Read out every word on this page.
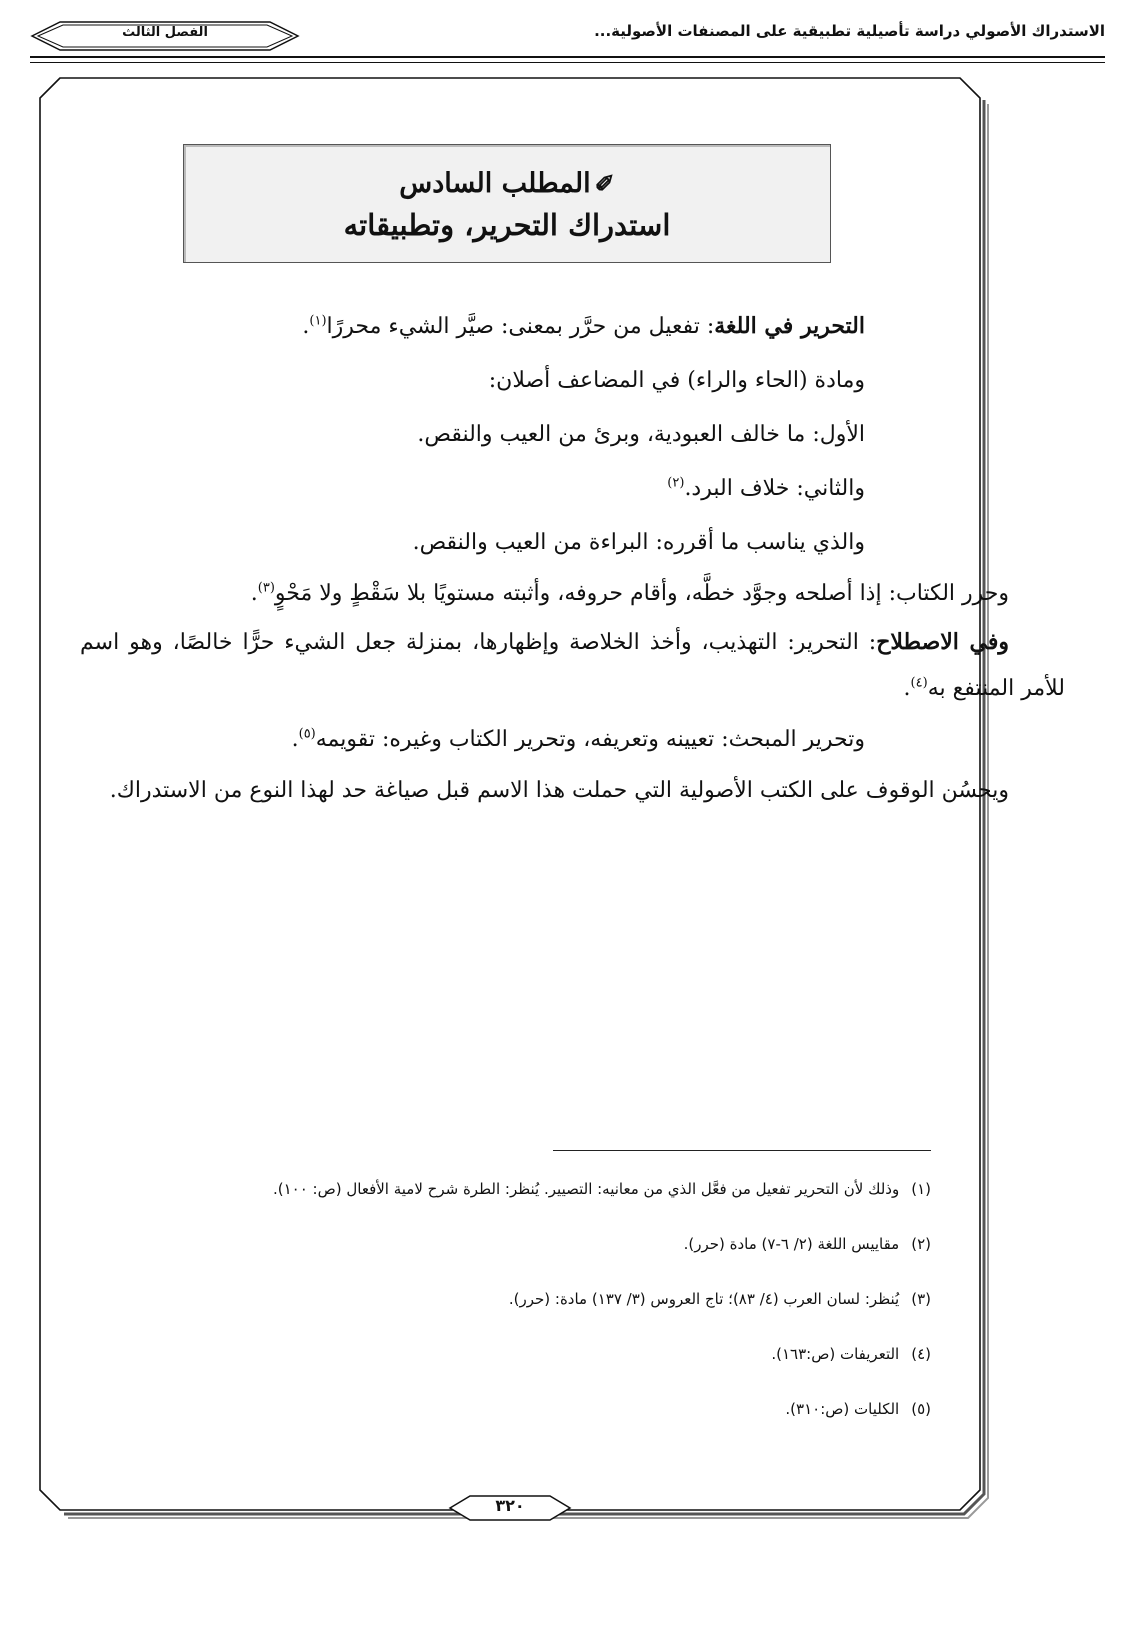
الاستدراك الأصولي دراسة تأصيلية تطبيقية على المصنفات الأصولية...
الفصل الثالث
✐المطلب السادس
استدراك التحرير، وتطبيقاته

التحرير في اللغة: تفعيل من حرَّر بمعنى: صيَّر الشيء محررًا$^{(١)}$.

ومادة (الحاء والراء) في المضاعف أصلان:

الأول: ما خالف العبودية، وبرئ من العيب والنقص.

والثاني: خلاف البرد.$^{(٢)}$

والذي يناسب ما أقرره: البراءة من العيب والنقص.

وحرر الكتاب: إذا أصلحه وجوَّد خطَّه، وأقام حروفه، وأثبته مستويًا بلا سَقْطٍ ولا مَحْوٍ$^{(٣)}$.

وفي الاصطلاح: التحرير: التهذيب، وأخذ الخلاصة وإظهارها، بمنزلة جعل الشيء حرًّا خالصًا، وهو اسم للأمر المنتفع به$^{(٤)}$.

وتحرير المبحث: تعيينه وتعريفه، وتحرير الكتاب وغيره: تقويمه$^{(٥)}$.

ويحسُن الوقوف على الكتب الأصولية التي حملت هذا الاسم قبل صياغة حد لهذا النوع من الاستدراك.

(١)وذلك لأن التحرير تفعيل من فعَّل الذي من معانيه: التصيير. يُنظر: الطرة شرح لامية الأفعال (ص: ١٠٠).
(٢)مقاييس اللغة (٢/ ٦-٧) مادة (حرر).
(٣)يُنظر: لسان العرب (٤/ ٨٣)؛ تاج العروس (٣/ ١٣٧) مادة: (حرر).
(٤)التعريفات (ص:١٦٣).
(٥)الكليات (ص:٣١٠).
٣٢٠
